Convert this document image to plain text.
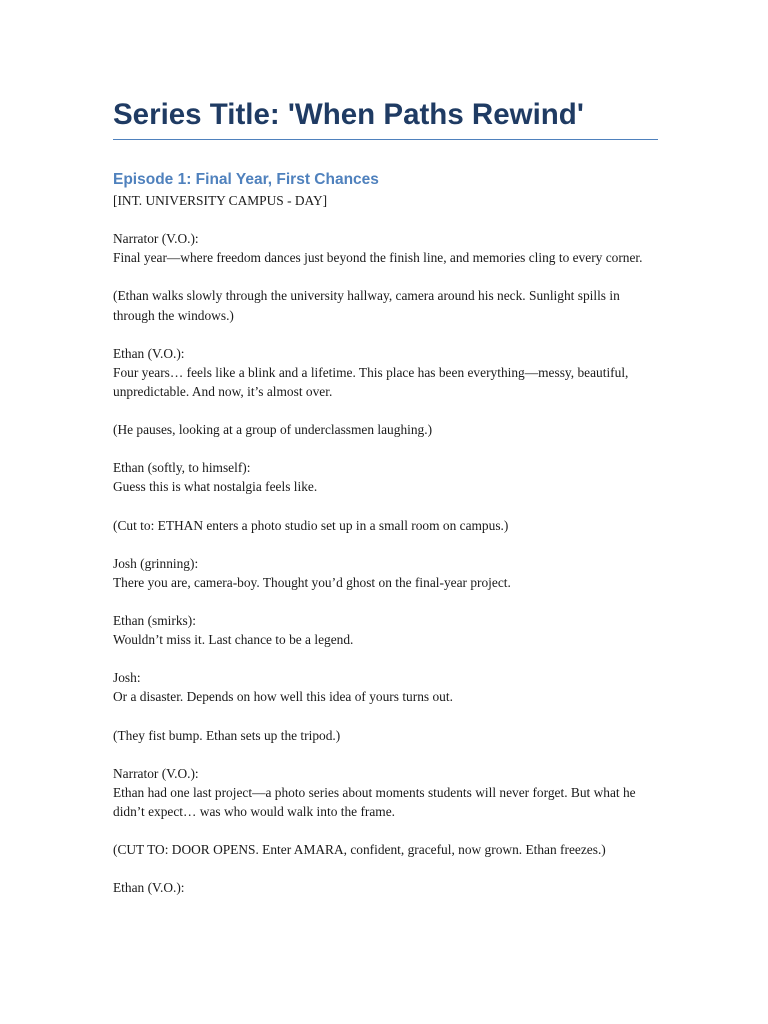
Series Title: 'When Paths Rewind'
Episode 1: Final Year, First Chances

[INT. UNIVERSITY CAMPUS - DAY]

Narrator (V.O.):
Final year—where freedom dances just beyond the finish line, and memories cling to every corner.

(Ethan walks slowly through the university hallway, camera around his neck. Sunlight spills in through the windows.)

Ethan (V.O.):
Four years… feels like a blink and a lifetime. This place has been everything—messy, beautiful, unpredictable. And now, it’s almost over.

(He pauses, looking at a group of underclassmen laughing.)

Ethan (softly, to himself):
Guess this is what nostalgia feels like.

(Cut to: ETHAN enters a photo studio set up in a small room on campus.)

Josh (grinning):
There you are, camera-boy. Thought you’d ghost on the final-year project.

Ethan (smirks):
Wouldn’t miss it. Last chance to be a legend.

Josh:
Or a disaster. Depends on how well this idea of yours turns out.

(They fist bump. Ethan sets up the tripod.)

Narrator (V.O.):
Ethan had one last project—a photo series about moments students will never forget. But what he didn’t expect… was who would walk into the frame.

(CUT TO: DOOR OPENS. Enter AMARA, confident, graceful, now grown. Ethan freezes.)

Ethan (V.O.):
